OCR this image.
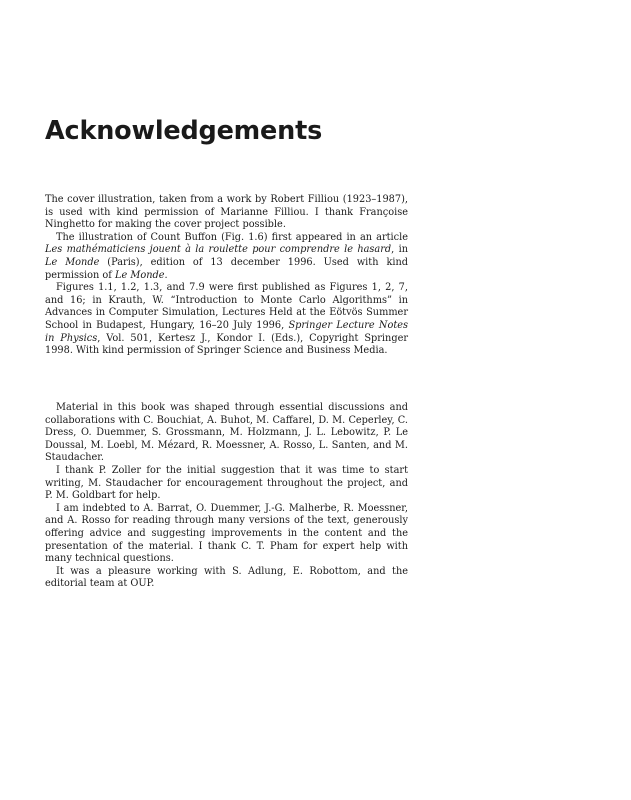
Acknowledgements

The cover illustration, taken from a work by Robert Filliou (1923–1987), is used with kind permission of Marianne Filliou. I thank Françoise Ninghetto for making the cover project possible.

The illustration of Count Buffon (Fig. 1.6) first appeared in an article Les mathématiciens jouent à la roulette pour comprendre le hasard, in Le Monde (Paris), edition of 13 december 1996. Used with kind permission of Le Monde.

Figures 1.1, 1.2, 1.3, and 7.9 were first published as Figures 1, 2, 7, and 16; in Krauth, W. “Introduction to Monte Carlo Algorithms” in Advances in Computer Simulation, Lectures Held at the Eötvös Summer School in Budapest, Hungary, 16–20 July 1996, Springer Lecture Notes in Physics, Vol. 501, Kertesz J., Kondor I. (Eds.), Copyright Springer 1998. With kind permission of Springer Science and Business Media.

Material in this book was shaped through essential discussions and collaborations with C. Bouchiat, A. Buhot, M. Caffarel, D. M. Ceperley, C. Dress, O. Duemmer, S. Grossmann, M. Holzmann, J. L. Lebowitz, P. Le Doussal, M. Loebl, M. Mézard, R. Moessner, A. Rosso, L. Santen, and M. Staudacher.

I thank P. Zoller for the initial suggestion that it was time to start writing, M. Staudacher for encouragement throughout the project, and P. M. Goldbart for help.

I am indebted to A. Barrat, O. Duemmer, J.-G. Malherbe, R. Moessner, and A. Rosso for reading through many versions of the text, generously offering advice and suggesting improvements in the content and the presentation of the material. I thank C. T. Pham for expert help with many technical questions.

It was a pleasure working with S. Adlung, E. Robottom, and the editorial team at OUP.
